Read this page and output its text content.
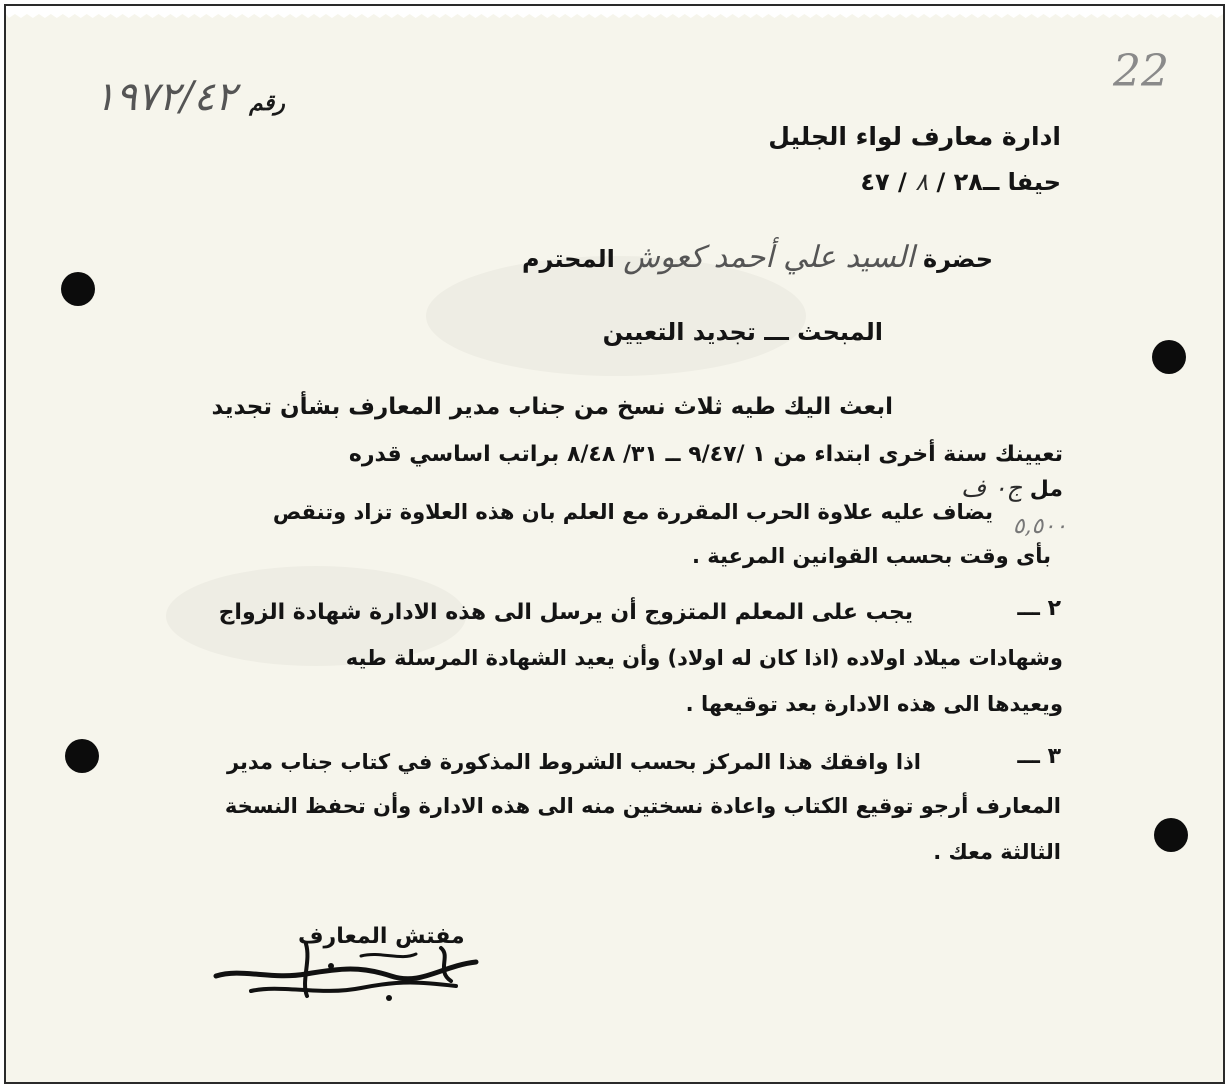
22
رقم ١٩٧٢/٤٢
ادارة معارف لواء الجليل
حيفا ــ٢٨ / ٨ / ٤٧
حضرة السيد علي أحمد كعوش المحترم
المبحث ـــ تجديد التعيين
ابعث اليك طيه ثلاث نسخ من جناب مدير المعارف بشأن تجديد
تعيينك سنة أخرى ابتداء من ١ /٩/٤٧ ــ ٣١/ ٨/٤٨ براتب اساسي قدره
مل ج٠ ف
يضاف عليه علاوة الحرب المقررة مع العلم بان هذه العلاوة تزاد وتنقص
٥,٥٠٠
بأى وقت بحسب القوانين المرعية .
٢ ـــ
يجب على المعلم المتزوج أن يرسل الى هذه الادارة شهادة الزواج
وشهادات ميلاد اولاده (اذا كان له اولاد) وأن يعيد الشهادة المرسلة طيه
ويعيدها الى هذه الادارة بعد توقيعها .
٣ ـــ
اذا وافقك هذا المركز بحسب الشروط المذكورة في كتاب جناب مدير
المعارف أرجو توقيع الكتاب واعادة نسختين منه الى هذه الادارة وأن تحفظ النسخة
الثالثة معك .
مفتش المعارف
